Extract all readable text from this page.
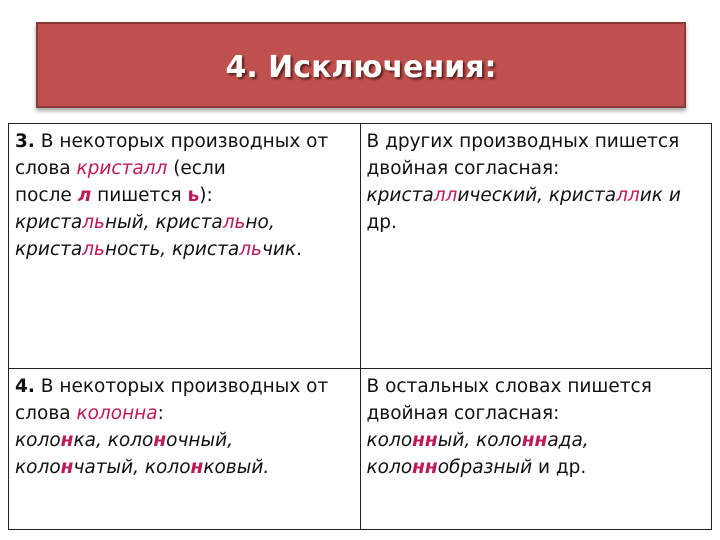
4. Исключения:
3. В некоторых производных от
слова кристалл (если
после л пишется ь):
кристальный, кристально,
кристальность, кристальчик.	В других производных пишется
двойная согласная:
кристаллический, кристаллик и
др.

4. В некоторых производных от
слова колонна:
колонка, колоночный,
колончатый, колонковый.	В остальных словах пишется
двойная согласная:
колонный, колоннада,
колоннобразный и др.
